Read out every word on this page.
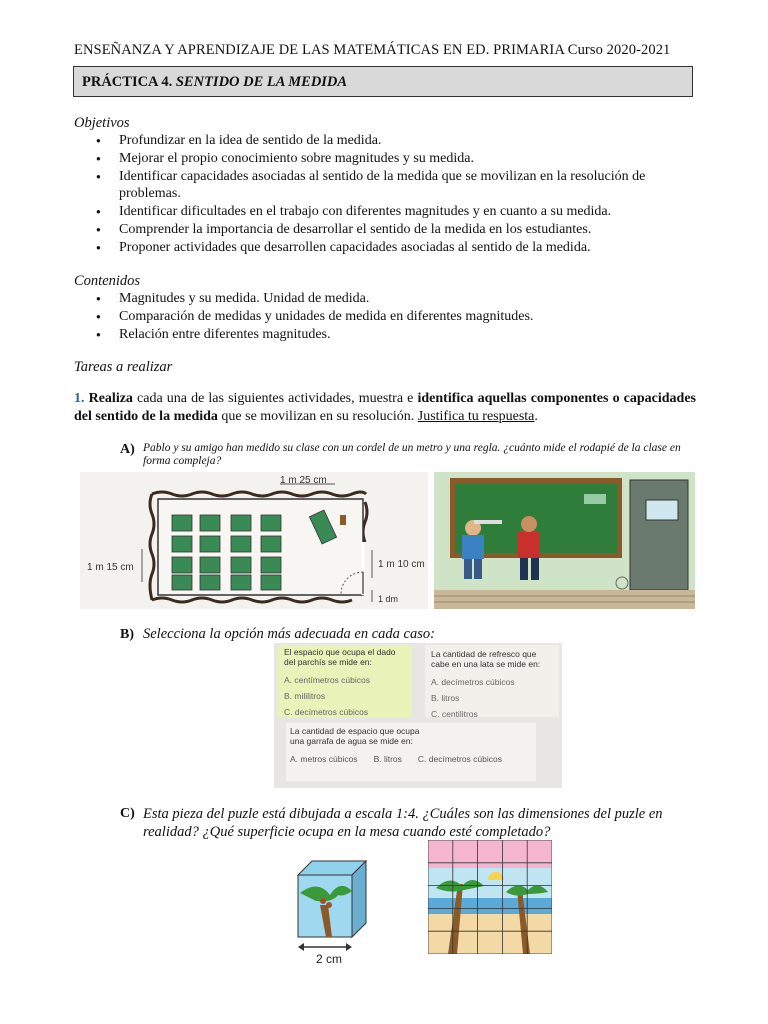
ENSEÑANZA Y APRENDIZAJE DE LAS MATEMÁTICAS EN ED. PRIMARIA Curso 2020-2021
PRÁCTICA 4. SENTIDO DE LA MEDIDA
Objetivos
● Profundizar en la idea de sentido de la medida.
● Mejorar el propio conocimiento sobre magnitudes y su medida.
● Identificar capacidades asociadas al sentido de la medida que se movilizan en la resolución de problemas.
● Identificar dificultades en el trabajo con diferentes magnitudes y en cuanto a su medida.
● Comprender la importancia de desarrollar el sentido de la medida en los estudiantes.
● Proponer actividades que desarrollen capacidades asociadas al sentido de la medida.
Contenidos
● Magnitudes y su medida. Unidad de medida.
● Comparación de medidas y unidades de medida en diferentes magnitudes.
● Relación entre diferentes magnitudes.
Tareas a realizar
1. Realiza cada una de las siguientes actividades, muestra e identifica aquellas componentes o capacidades del sentido de la medida que se movilizan en su resolución. Justifica tu respuesta.
A) Pablo y su amigo han medido su clase con un cordel de un metro y una regla. ¿cuánto mide el rodapié de la clase en forma compleja?
1 m 25 cm
1 m 15 cm	1 m 10 cm
1 dm
B) Selecciona la opción más adecuada en cada caso:
El espacio que ocupa el dado del parchís se mide en:
A. centímetros cúbicos
B. mililitros
C. decímetros cúbicos
La cantidad de refresco que cabe en una lata se mide en:
A. decímetros cúbicos
B. litros
C. centilitros
La cantidad de espacio que ocupa una garrafa de agua se mide en:
A. metros cúbicos B. litros C. decímetros cúbicos
C) Esta pieza del puzle está dibujada a escala 1:4. ¿Cuáles son las dimensiones del puzle en realidad? ¿Qué superficie ocupa en la mesa cuando esté completado?
2 cm
